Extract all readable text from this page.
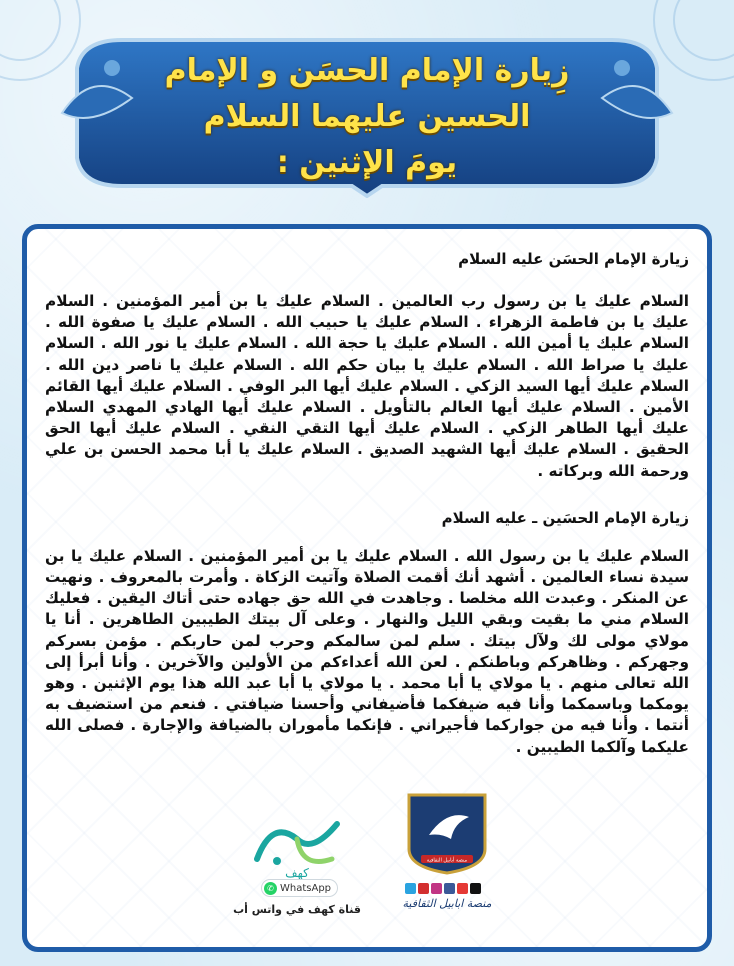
زِيارة الإمام الحسَن و الإمام
الحسين عليهما السلام
يومَ الإثنين :

زيارة الإمام الحسَن عليه السلام

السلام عليك يا بن رسول رب العالمين . السلام عليك يا بن أمير المؤمنين . السلام عليك يا بن فاطمة الزهراء . السلام عليك يا حبيب الله . السلام عليك يا صفوة الله . السلام عليك يا أمين الله . السلام عليك يا حجة الله . السلام عليك يا نور الله . السلام عليك يا صراط الله . السلام عليك يا بيان حكم الله . السلام عليك يا ناصر دين الله . السلام عليك أيها السيد الزكي . السلام عليك أيها البر الوفي . السلام عليك أيها القائم الأمين . السلام عليك أيها العالم بالتأويل . السلام عليك أيها الهادي المهدي السلام عليك أيها الطاهر الزكي . السلام عليك أيها التقي النقي . السلام عليك أيها الحق الحقيق . السلام عليك أيها الشهيد الصديق . السلام عليك يا أبا محمد الحسن بن علي ورحمة الله وبركاته .

زيارة الإمام الحسَين ـ عليه السلام

السلام عليك يا بن رسول الله . السلام عليك يا بن أمير المؤمنين . السلام عليك يا بن سيدة نساء العالمين . أشهد أنك أقمت الصلاة وآتيت الزكاة . وأمرت بالمعروف . ونهيت عن المنكر . وعبدت الله مخلصا . وجاهدت في الله حق جهاده حتى أتاك اليقين . فعليك السلام مني ما بقيت وبقي الليل والنهار . وعلى آل بيتك الطيبين الطاهرين . أنا يا مولاي مولى لك ولآل بيتك . سلم لمن سالمكم وحرب لمن حاربكم . مؤمن بسركم وجهركم . وظاهركم وباطنكم . لعن الله أعداءكم من الأولين والآخرين . وأنا أبرأ إلى الله تعالى منهم . يا مولاي يا أبا محمد . يا مولاي يا أبا عبد الله هذا يوم الإثنين . وهو يومكما وباسمكما وأنا فيه ضيفكما فأضيفاني وأحسنا ضيافتي . فنعم من استضيف به أنتما . وأنا فيه من جواركما فأجيراني . فإنكما مأموران بالضيافة والإجارة . فصلى الله عليكما وآلكما الطيبين .

كهف
✆ WhatsApp
قناة كهف في واتس أب
منصة أبابيل الثقافية
منصة ابابيل الثقافية
